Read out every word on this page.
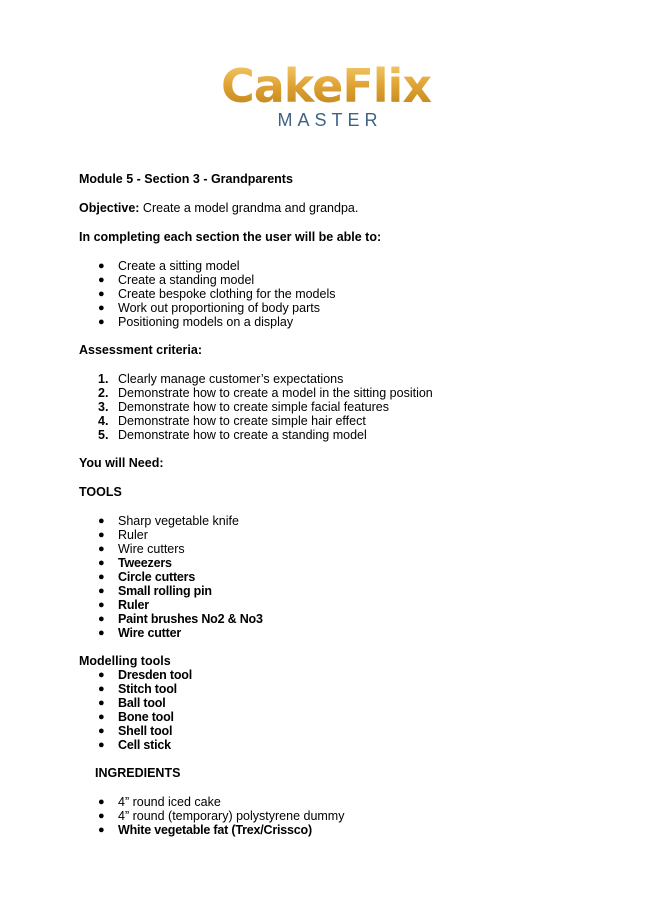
CakeFlix
MASTER

Module 5 - Section 3 - Grandparents

Objective: Create a model grandma and grandpa.

In completing each section the user will be able to:

●	Create a sitting model
●	Create a standing model
●	Create bespoke clothing for the models
●	Work out proportioning of body parts
●	Positioning models on a display

Assessment criteria:

1. Clearly manage customer’s expectations
2. Demonstrate how to create a model in the sitting position
3. Demonstrate how to create simple facial features
4. Demonstrate how to create simple hair effect
5. Demonstrate how to create a standing model

You will Need:

TOOLS

●	Sharp vegetable knife
●	Ruler
●	Wire cutters
●	Tweezers
●	Circle cutters
●	Small rolling pin
●	Ruler
●	Paint brushes No2 & No3
●	Wire cutter

Modelling tools

●	Dresden tool
●	Stitch tool
●	Ball tool
●	Bone tool
●	Shell tool
●	Cell stick

INGREDIENTS

●	4” round iced cake
●	4” round (temporary) polystyrene dummy
●	White vegetable fat (Trex/Crissco)
